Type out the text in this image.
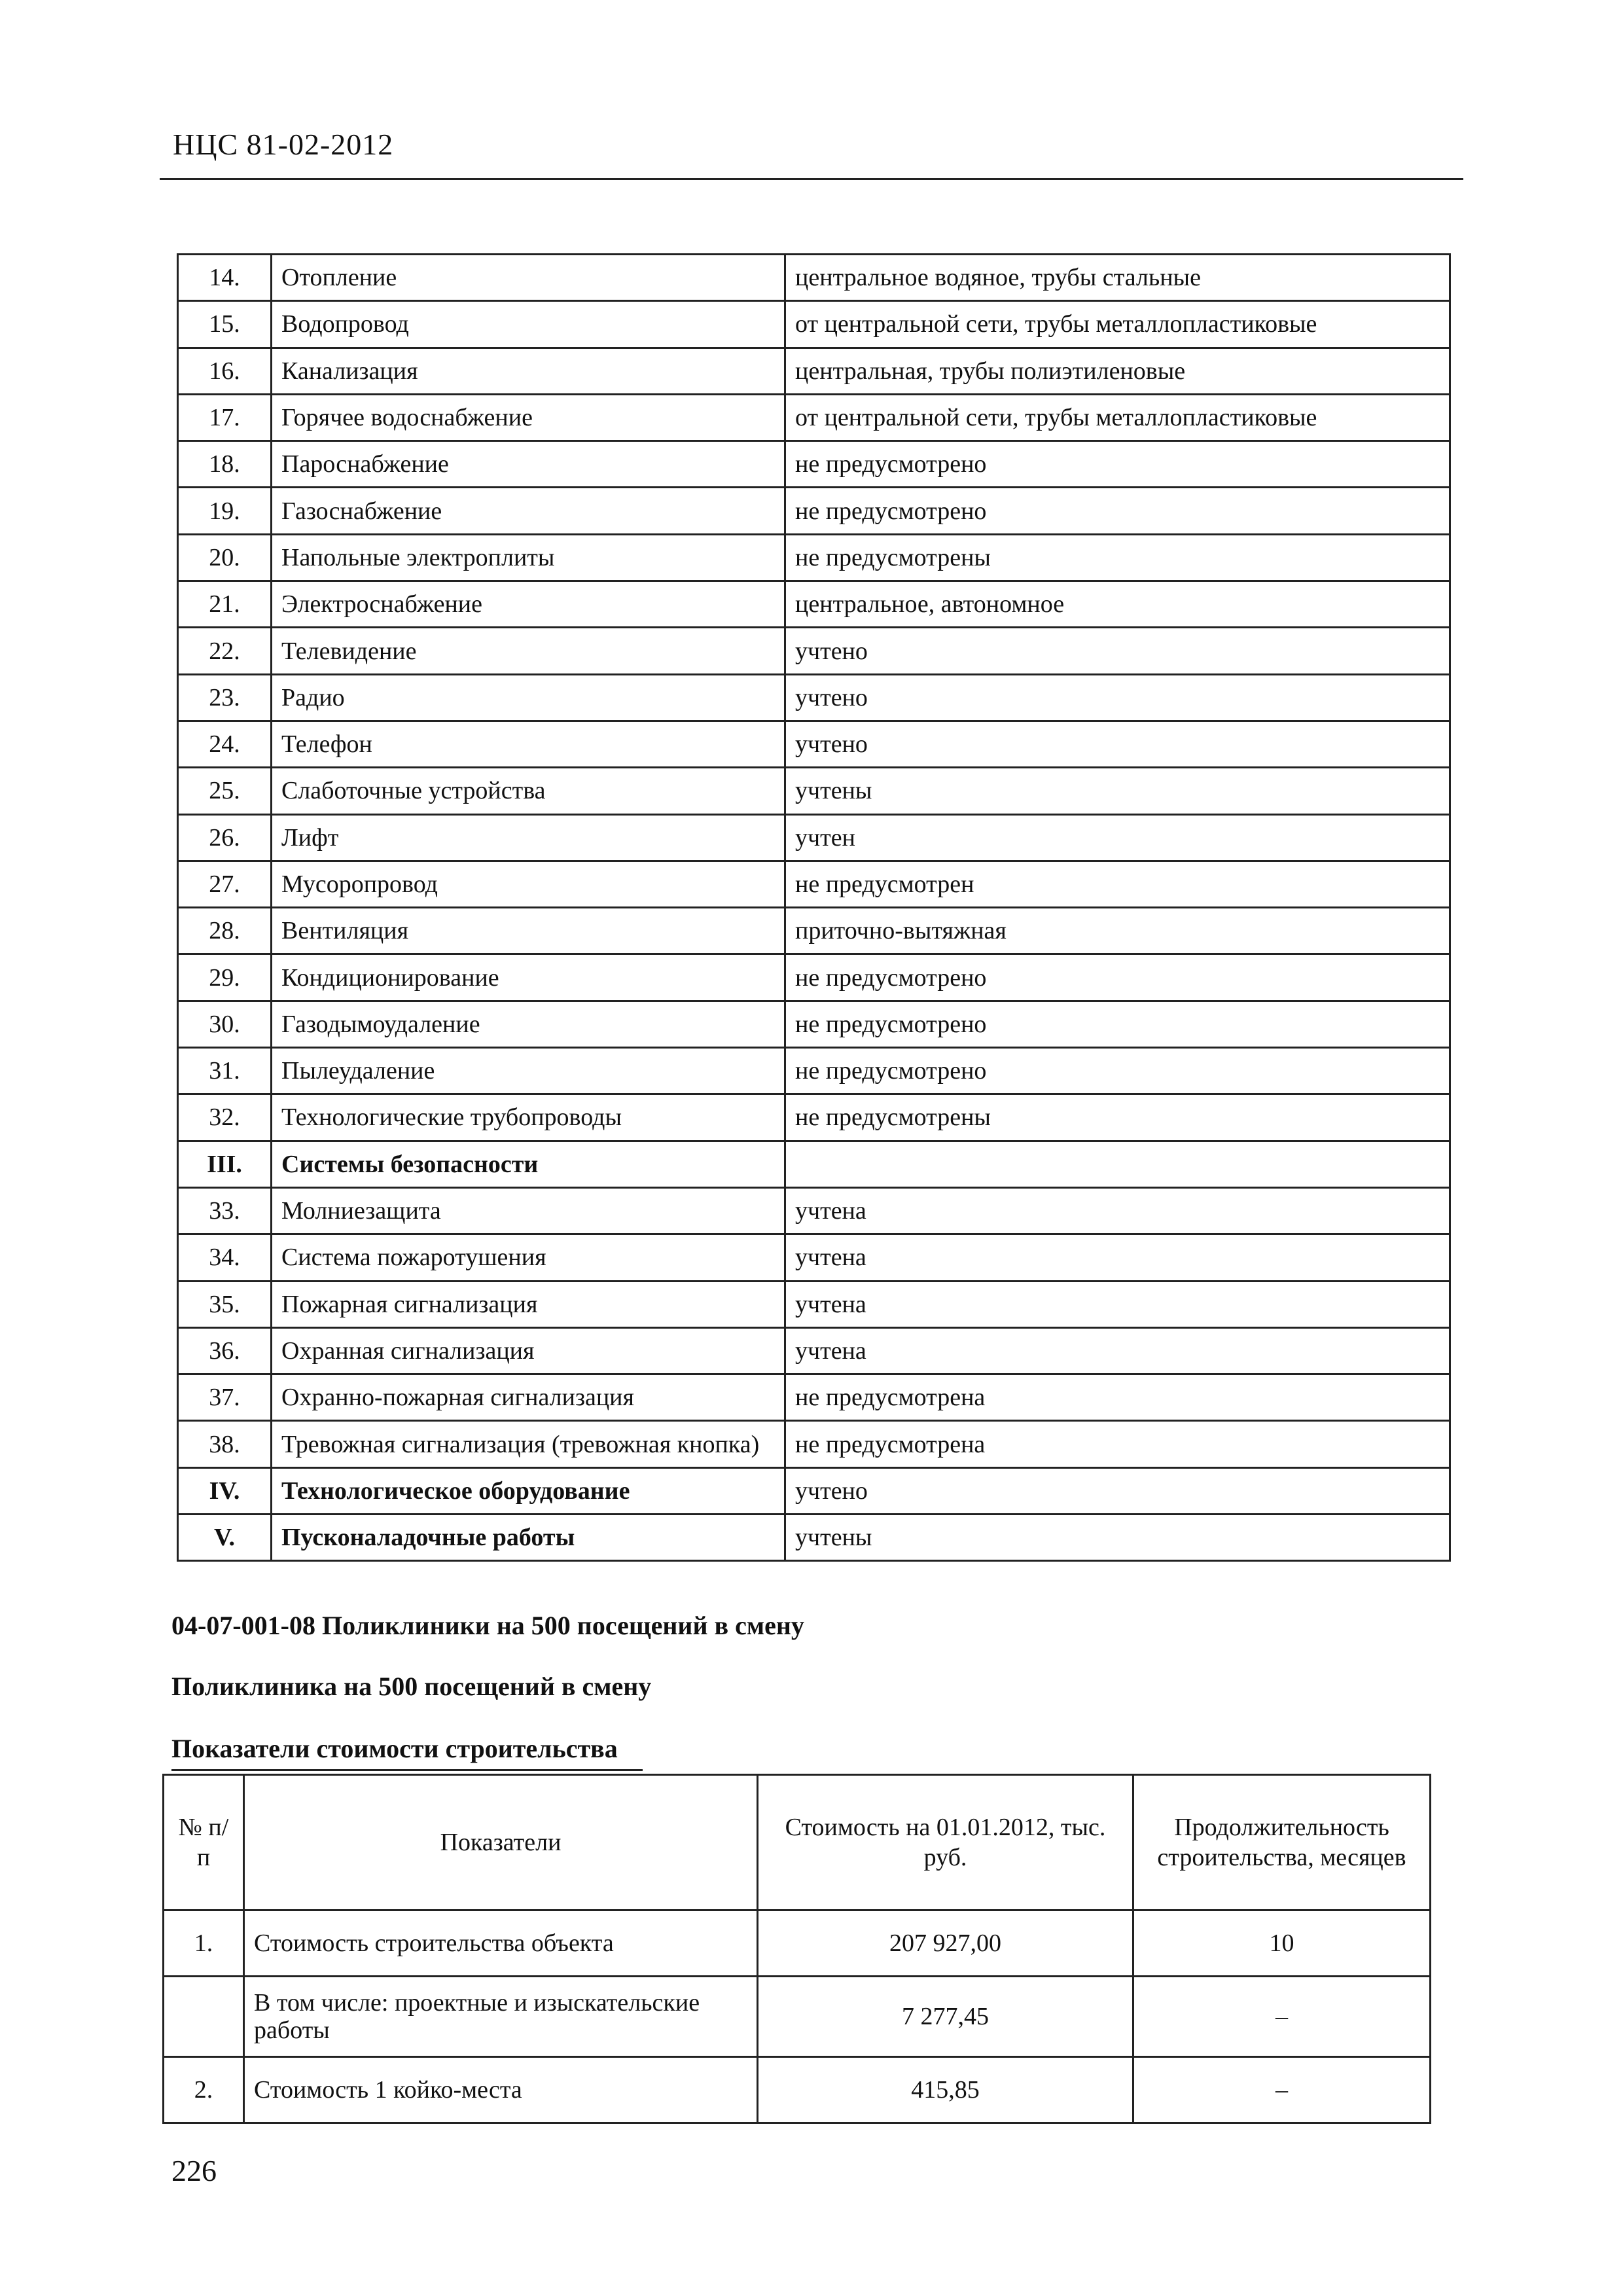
НЦС 81-02-2012
14.	Отопление	центральное водяное, трубы стальные
15.	Водопровод	от центральной сети, трубы металлопластиковые
16.	Канализация	центральная, трубы полиэтиленовые
17.	Горячее водоснабжение	от центральной сети, трубы металлопластиковые
18.	Пароснабжение	не предусмотрено
19.	Газоснабжение	не предусмотрено
20.	Напольные электроплиты	не предусмотрены
21.	Электроснабжение	центральное, автономное
22.	Телевидение	учтено
23.	Радио	учтено
24.	Телефон	учтено
25.	Слаботочные устройства	учтены
26.	Лифт	учтен
27.	Мусоропровод	не предусмотрен
28.	Вентиляция	приточно-вытяжная
29.	Кондиционирование	не предусмотрено
30.	Газодымоудаление	не предусмотрено
31.	Пылеудаление	не предусмотрено
32.	Технологические трубопроводы	не предусмотрены
III.	Системы безопасности	
33.	Молниезащита	учтена
34.	Система пожаротушения	учтена
35.	Пожарная сигнализация	учтена
36.	Охранная сигнализация	учтена
37.	Охранно-пожарная сигнализация	не предусмотрена
38.	Тревожная сигнализация (тревожная кнопка)	не предусмотрена
IV.	Технологическое оборудование	учтено
V.	Пусконаладочные работы	учтены
04-07-001-08 Поликлиники на 500 посещений в смену
Поликлиника на 500 посещений в смену
Показатели стоимости строительства
№ п/п	Показатели	Стоимость на 01.01.2012, тыс. руб.	Продолжительность строительства, месяцев
1.	Стоимость строительства объекта	207 927,00	10
	В том числе: проектные и изыскательские работы	7 277,45	–
2.	Стоимость 1 койко-места	415,85	–
226
